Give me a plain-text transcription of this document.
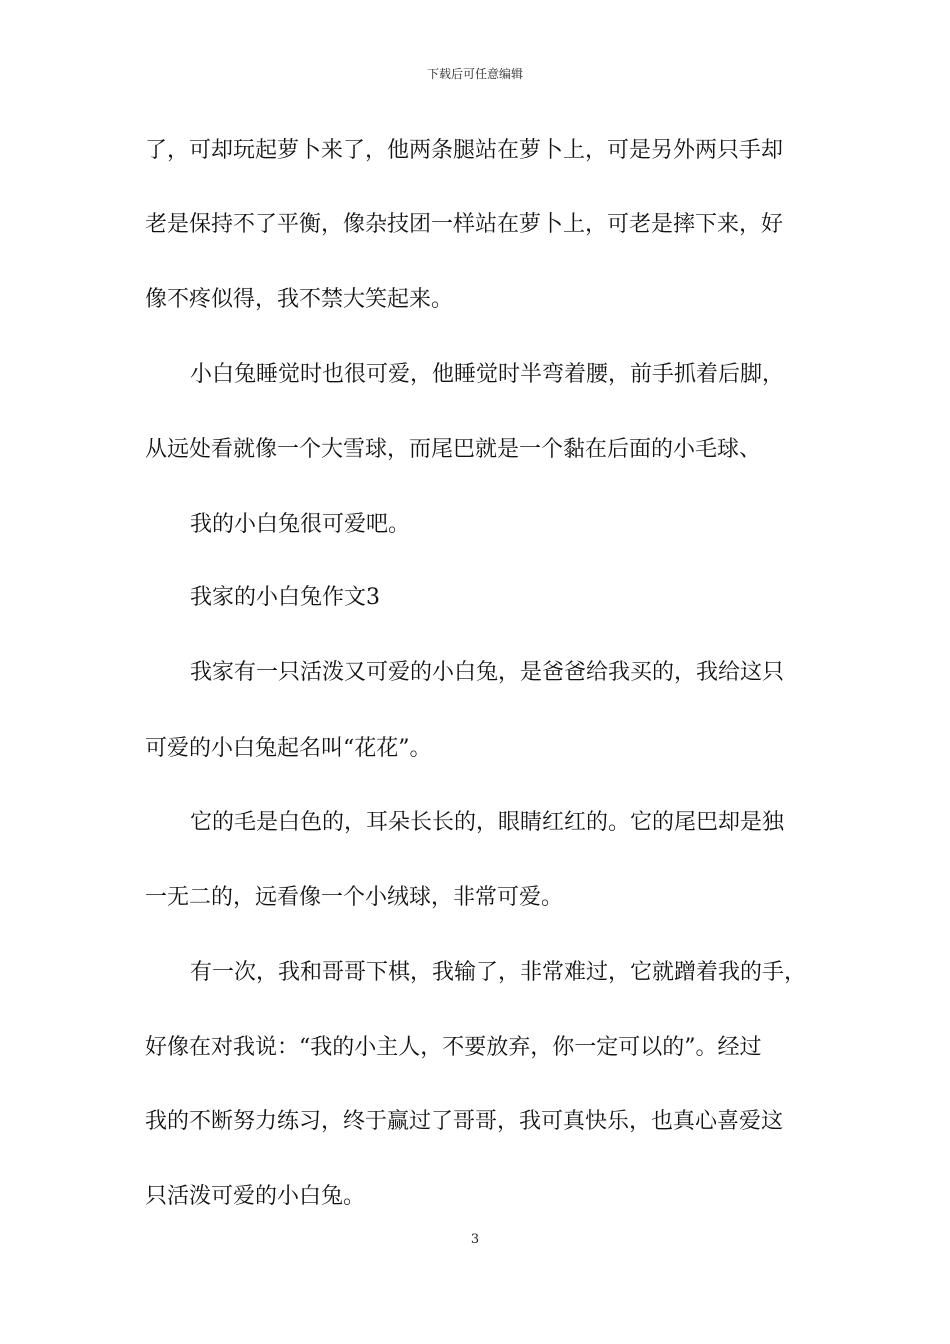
下载后可任意编辑
了，可却玩起萝卜来了，他两条腿站在萝卜上，可是另外两只手却
老是保持不了平衡，像杂技团一样站在萝卜上，可老是摔下来，好
像不疼似得，我不禁大笑起来。
小白兔睡觉时也很可爱，他睡觉时半弯着腰，前手抓着后脚，
从远处看就像一个大雪球，而尾巴就是一个黏在后面的小毛球、
我的小白兔很可爱吧。
我家的小白兔作文3
我家有一只活泼又可爱的小白兔，是爸爸给我买的，我给这只
可爱的小白兔起名叫“花花”。
它的毛是白色的，耳朵长长的，眼睛红红的。它的尾巴却是独
一无二的，远看像一个小绒球，非常可爱。
有一次，我和哥哥下棋，我输了，非常难过，它就蹭着我的手，
好像在对我说：“我的小主人，不要放弃，你一定可以的”。经过
我的不断努力练习，终于赢过了哥哥，我可真快乐，也真心喜爱这
只活泼可爱的小白兔。
3
